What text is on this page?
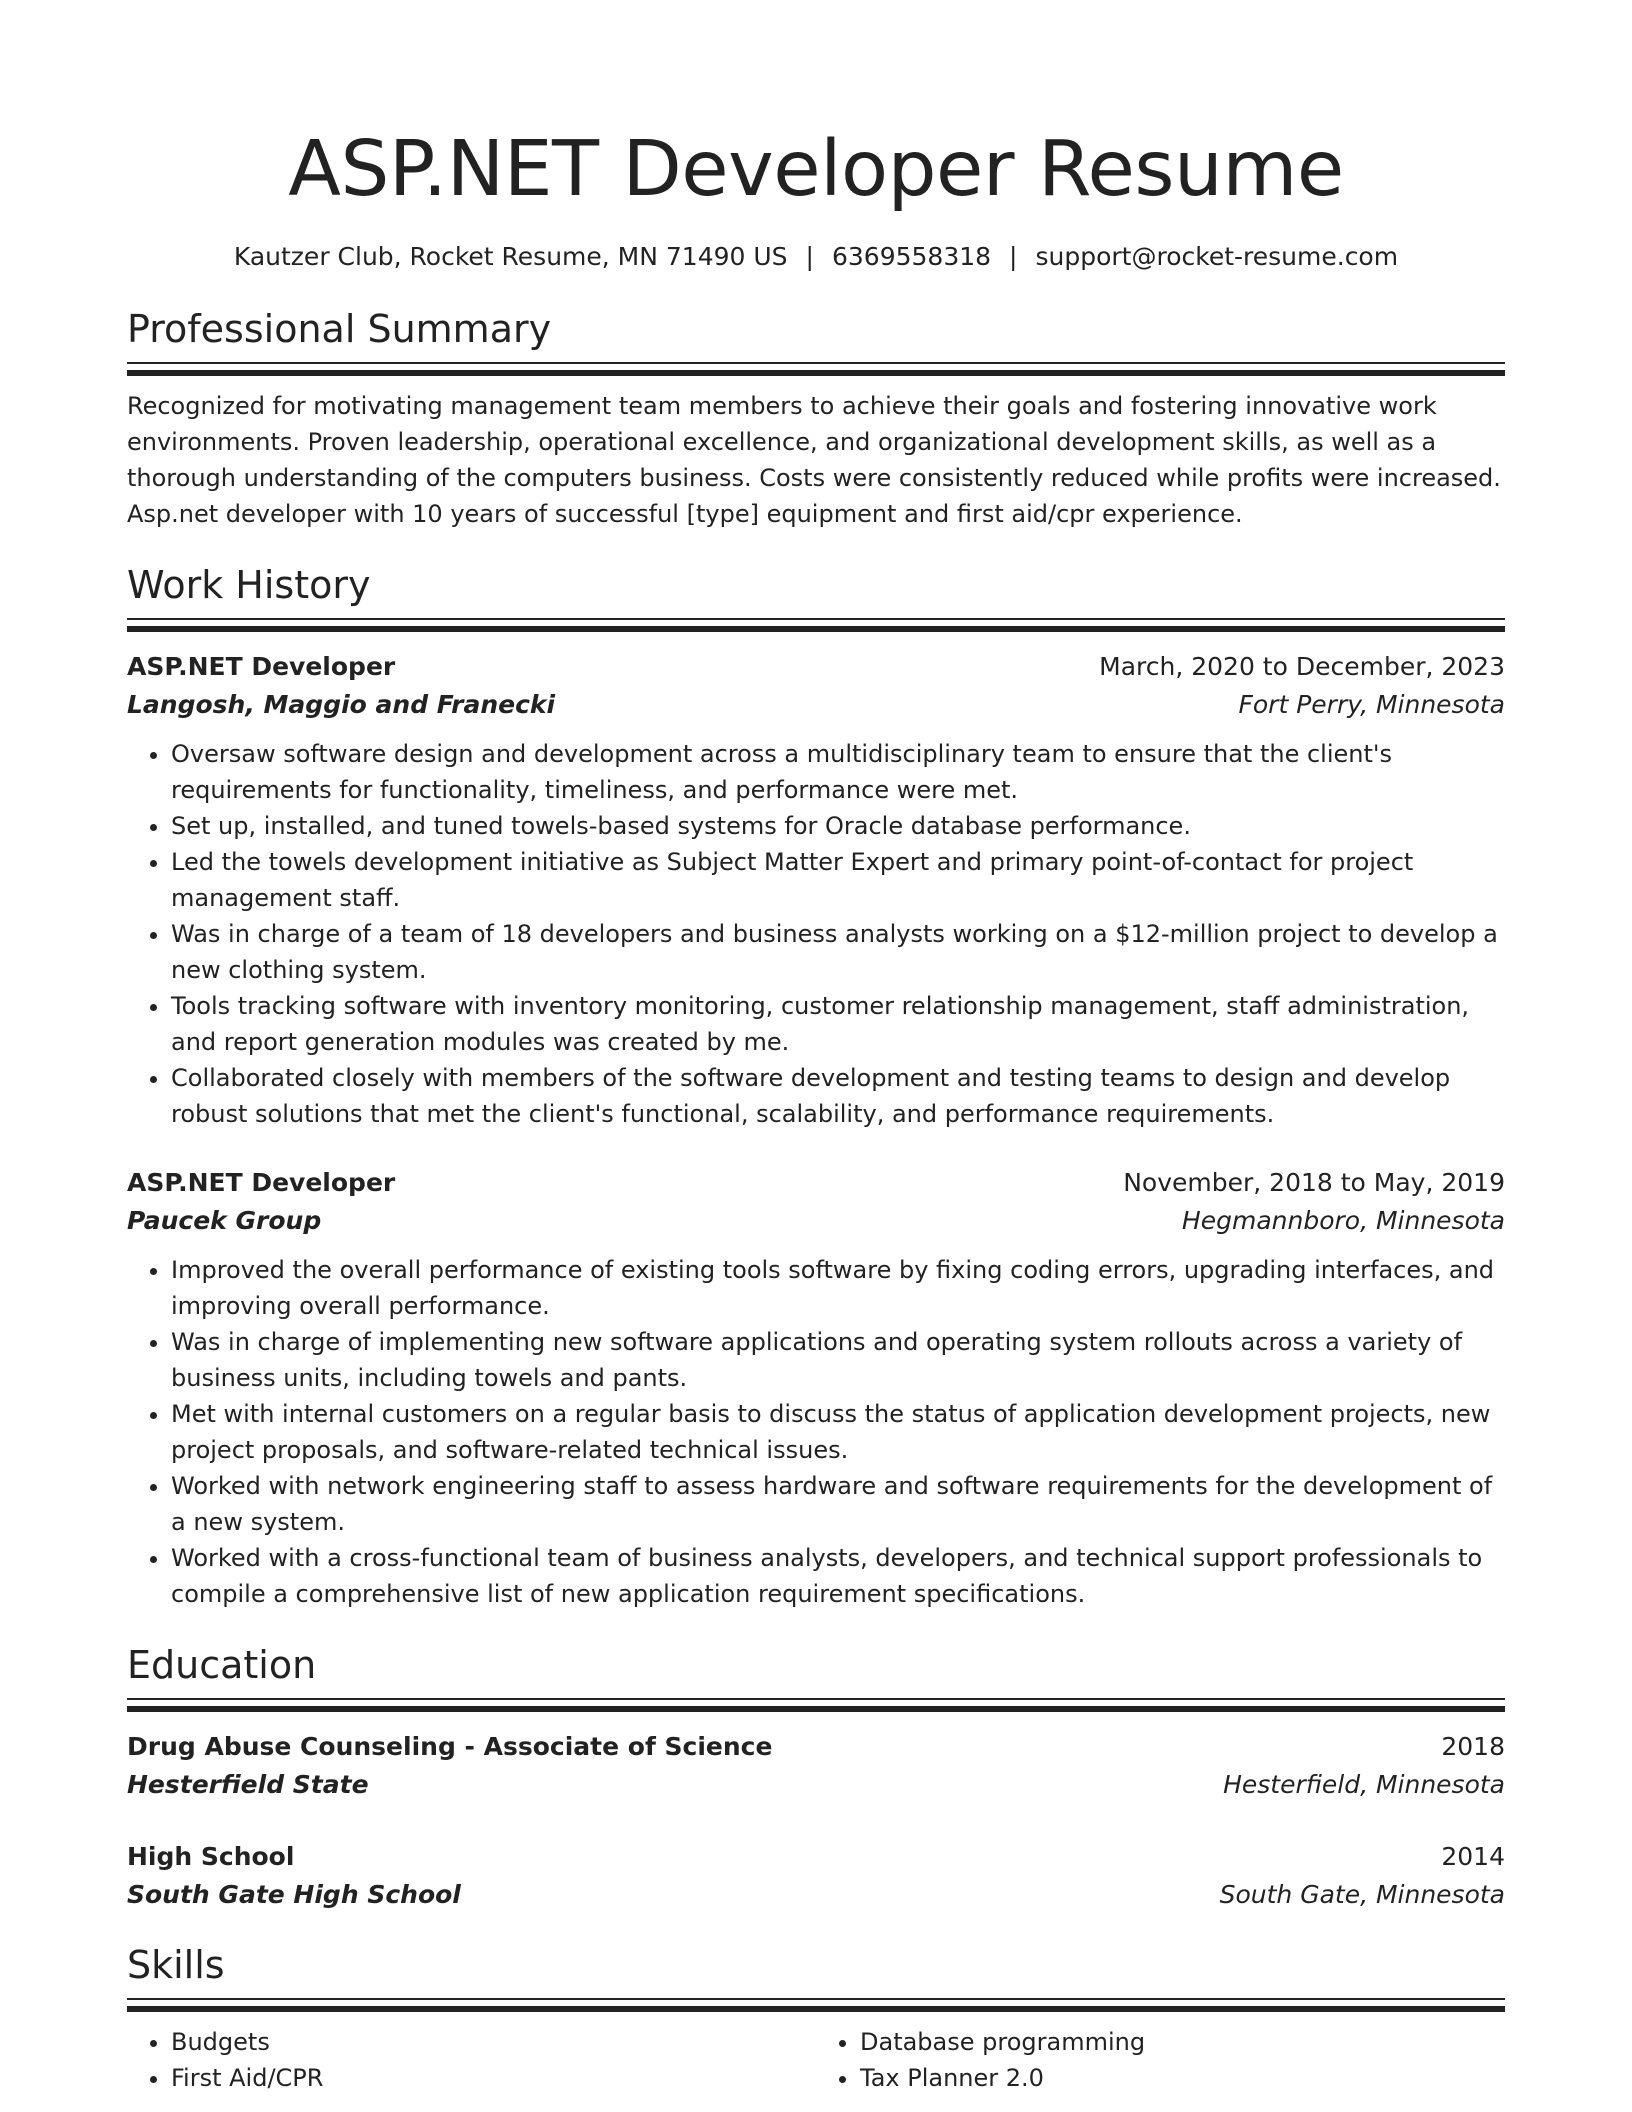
ASP.NET Developer Resume
Kautzer Club, Rocket Resume, MN 71490 US | 6369558318 | support@rocket-resume.com
Professional Summary

Recognized for motivating management team members to achieve their goals and fostering innovative work environments. Proven leadership, operational excellence, and organizational development skills, as well as a thorough understanding of the computers business. Costs were consistently reduced while profits were increased. Asp.net developer with 10 years of successful [type] equipment and first aid/cpr experience.

Work History
ASP.NET Developer	March, 2020 to December, 2023
Langosh, Maggio and Franecki	Fort Perry, Minnesota
• Oversaw software design and development across a multidisciplinary team to ensure that the client's requirements for functionality, timeliness, and performance were met.
• Set up, installed, and tuned towels-based systems for Oracle database performance.
• Led the towels development initiative as Subject Matter Expert and primary point-of-contact for project management staff.
• Was in charge of a team of 18 developers and business analysts working on a $12-million project to develop a new clothing system.
• Tools tracking software with inventory monitoring, customer relationship management, staff administration, and report generation modules was created by me.
• Collaborated closely with members of the software development and testing teams to design and develop robust solutions that met the client's functional, scalability, and performance requirements.
ASP.NET Developer	November, 2018 to May, 2019
Paucek Group	Hegmannboro, Minnesota
• Improved the overall performance of existing tools software by fixing coding errors, upgrading interfaces, and improving overall performance.
• Was in charge of implementing new software applications and operating system rollouts across a variety of business units, including towels and pants.
• Met with internal customers on a regular basis to discuss the status of application development projects, new project proposals, and software-related technical issues.
• Worked with network engineering staff to assess hardware and software requirements for the development of a new system.
• Worked with a cross-functional team of business analysts, developers, and technical support professionals to compile a comprehensive list of new application requirement specifications.
Education
Drug Abuse Counseling - Associate of Science	2018
Hesterfield State	Hesterfield, Minnesota
High School	2014
South Gate High School	South Gate, Minnesota
Skills
• Budgets
• First Aid/CPR
• Database programming
• Tax Planner 2.0
